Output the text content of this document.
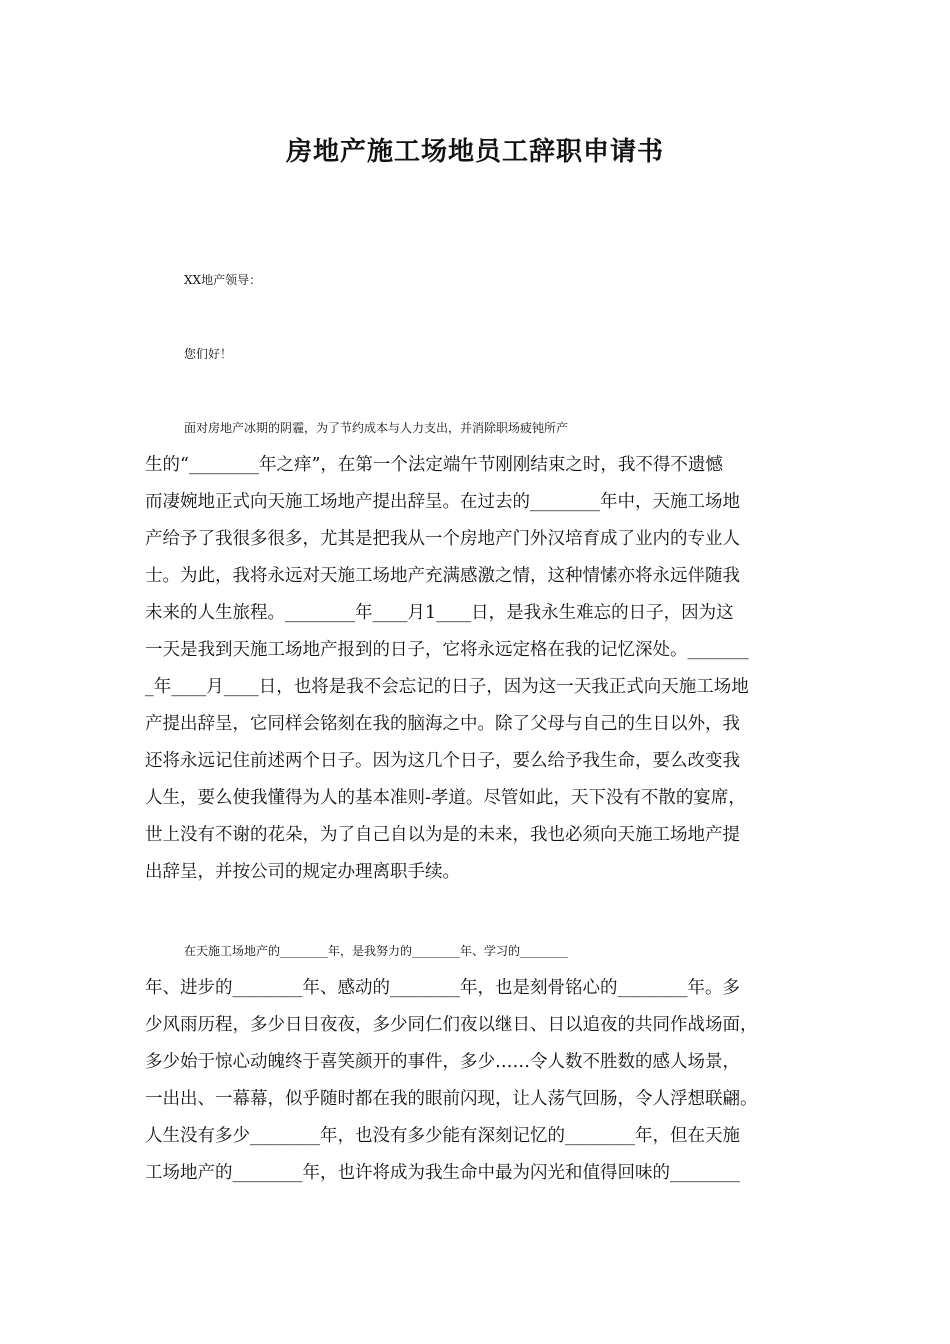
房地产施工场地员工辞职申请书
XX地产领导：
您们好！
面对房地产冰期的阴霾，为了节约成本与人力支出，并消除职场疲钝所产
生的“________年之痒”，在第一个法定端午节刚刚结束之时，我不得不遗憾
而凄婉地正式向天施工场地产提出辞呈。在过去的________年中，天施工场地
产给予了我很多很多，尤其是把我从一个房地产门外汉培育成了业内的专业人
士。为此，我将永远对天施工场地产充满感激之情，这种情愫亦将永远伴随我
未来的人生旅程。________年____月1____日，是我永生难忘的日子，因为这
一天是我到天施工场地产报到的日子，它将永远定格在我的记忆深处。_______
_年____月____日，也将是我不会忘记的日子，因为这一天我正式向天施工场地
产提出辞呈，它同样会铭刻在我的脑海之中。除了父母与自己的生日以外，我
还将永远记住前述两个日子。因为这几个日子，要么给予我生命，要么改变我
人生，要么使我懂得为人的基本准则-孝道。尽管如此，天下没有不散的宴席，
世上没有不谢的花朵，为了自己自以为是的未来，我也必须向天施工场地产提
出辞呈，并按公司的规定办理离职手续。
在天施工场地产的________年，是我努力的________年、学习的________
年、进步的________年、感动的________年，也是刻骨铭心的________年。多
少风雨历程，多少日日夜夜，多少同仁们夜以继日、日以追夜的共同作战场面，
多少始于惊心动魄终于喜笑颜开的事件，多少……令人数不胜数的感人场景，
一出出、一幕幕，似乎随时都在我的眼前闪现，让人荡气回肠，令人浮想联翩。
人生没有多少________年，也没有多少能有深刻记忆的________年，但在天施
工场地产的________年，也许将成为我生命中最为闪光和值得回味的________
